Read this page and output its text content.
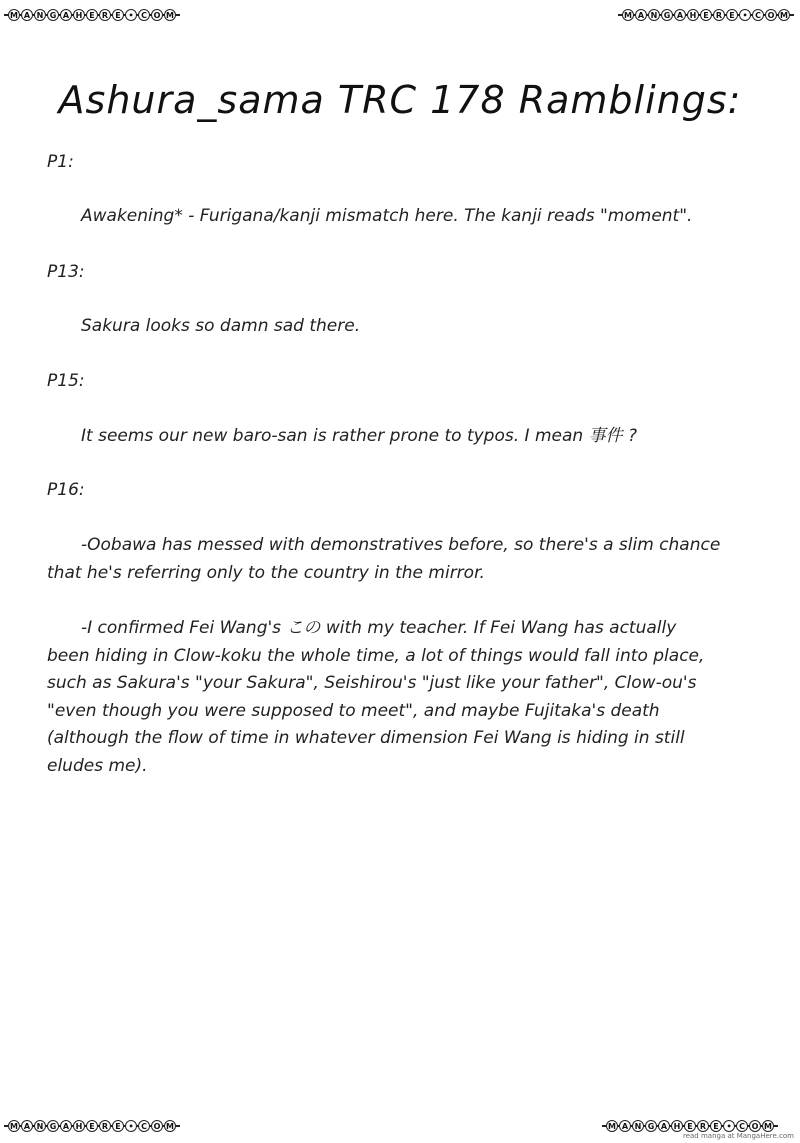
M A N G A H E R E • C O M	M A N G A H E R E • C O M
M A N G A H E R E • C O M	M A N G A H E R E • C O M
read manga at MangaHere.com
Ashura_sama TRC 178 Ramblings:
P1:
Awakening* - Furigana/kanji mismatch here. The kanji reads "moment".
P13:
Sakura looks so damn sad there.
P15:
It seems our new baro-san is rather prone to typos. I mean 事件 ?
P16:
-Oobawa has messed with demonstratives before, so there's a slim chance
that he's referring only to the country in the mirror.
-I confirmed Fei Wang's この with my teacher. If Fei Wang has actually
been hiding in Clow-koku the whole time, a lot of things would fall into place,
such as Sakura's "your Sakura", Seishirou's "just like your father", Clow-ou's
"even though you were supposed to meet", and maybe Fujitaka's death
(although the flow of time in whatever dimension Fei Wang is hiding in still
eludes me).
